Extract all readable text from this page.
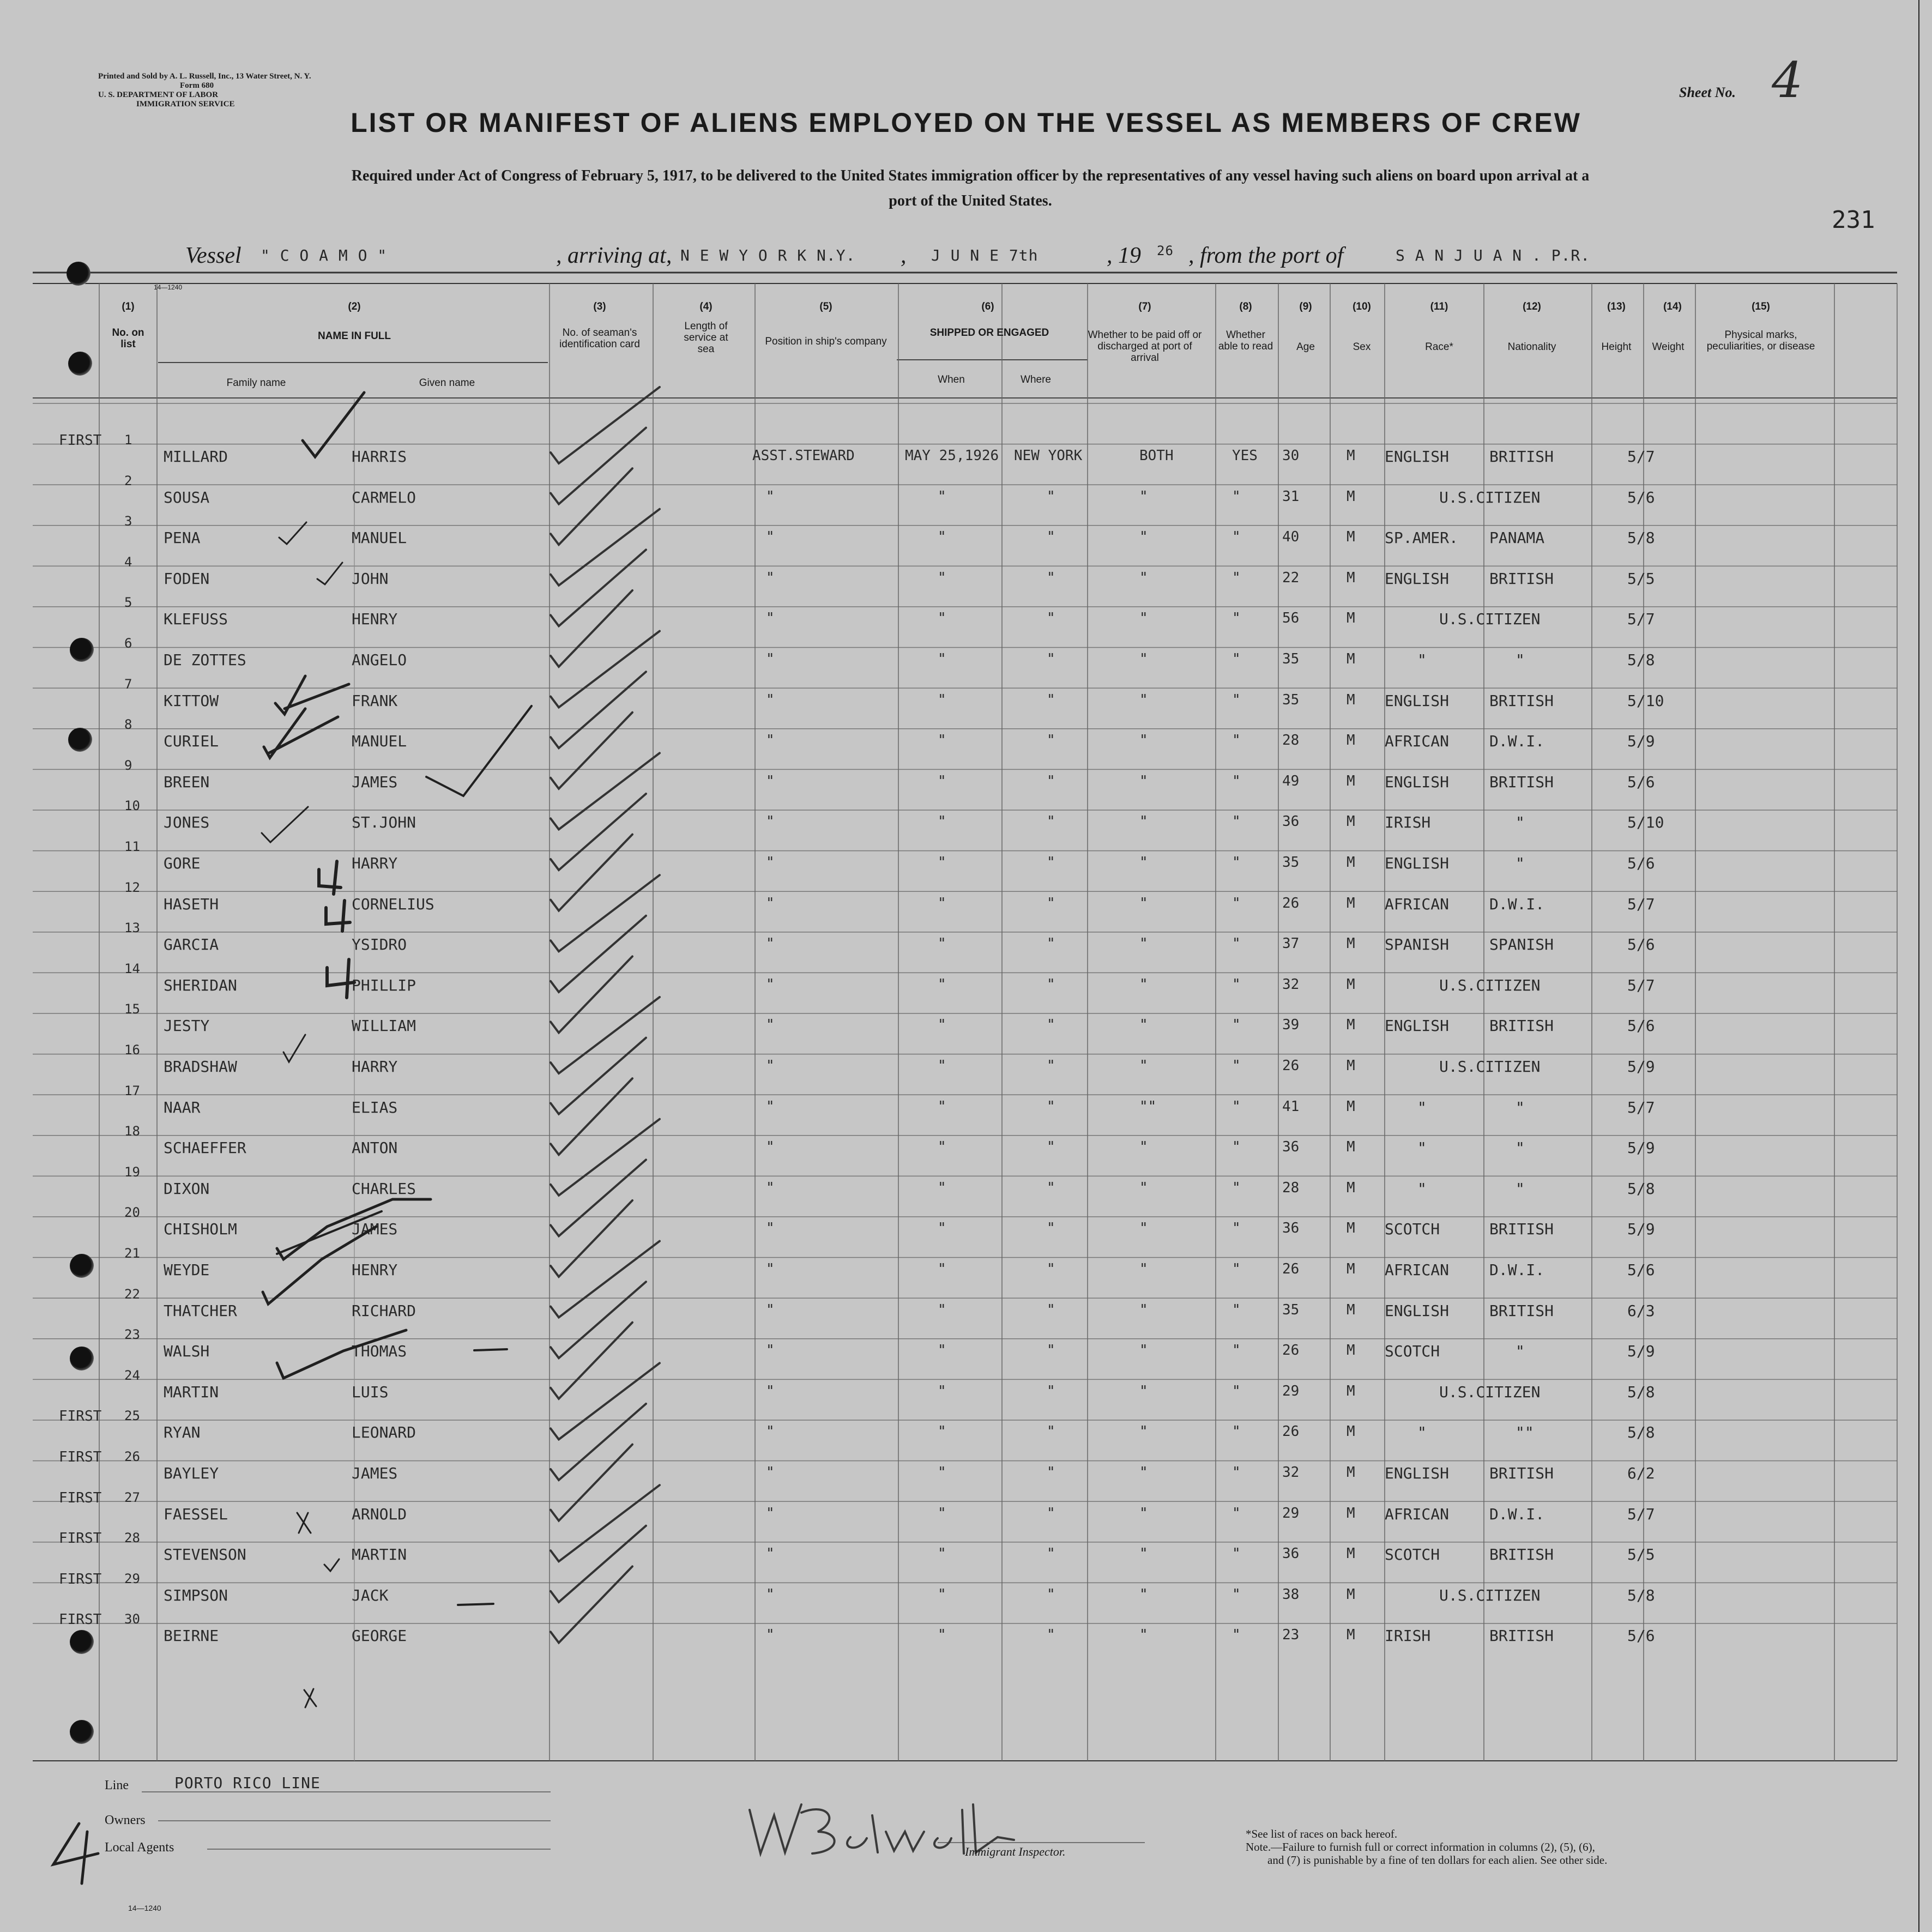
Printed and Sold by A. L. Russell, Inc., 13 Water Street, N. Y.
Form 680
U. S. DEPARTMENT OF LABOR
IMMIGRATION SERVICE
Sheet No. 4
LIST OR MANIFEST OF ALIENS EMPLOYED ON THE VESSEL AS MEMBERS OF CREW
Required under Act of Congress of February 5, 1917, to be delivered to the United States immigration officer by the representatives of any vessel having such aliens on board upon arrival at a
port of the United States.
231
Vessel " C O A M O "	, arriving at, N E W Y O R K N.Y. , J U N E 7th	, 19 26 , from the port of	S A N J U A N . P.R.
14—1240
(1)
No. on list
(2)
NAME IN FULL
Family name	Given name
(3)
No. of seaman's identification card
(4)
Length of service at sea
(5)
Position in ship's company
(6)
SHIPPED OR ENGAGED
When	Where
(7)
Whether to be paid off or discharged at port of arrival
(8)
Whether able to read
(9)
Age
(10)
Sex
(11)
Race*
(12)
Nationality
(13)
Height
(14)
Weight
(15)
Physical marks, peculiarities, or disease
FIRST 1
MILLARD	HARRIS	ASST.STEWARD	MAY 25,1926 NEW YORK	BOTH	YES 30	M ENGLISH	BRITISH	5/7
2
SOUSA	CARMELO	"	"	"	"	"	31	M	U.S.CITIZEN	5/6
3
PENA	MANUEL	"	"	"	"	"	40	M SP.AMER. PANAMA	5/8
4
FODEN	JOHN	"	"	"	"	"	22	M ENGLISH	BRITISH	5/5
5
KLEFUSS	HENRY	"	"	"	"	"	56	M	U.S.CITIZEN	5/7
6
DE ZOTTES	ANGELO	"	"	"	"	"	35	M	"	"	5/8
7
KITTOW	FRANK	"	"	"	"	"	35	M ENGLISH	BRITISH	5/10
8
CURIEL	MANUEL	"	"	"	"	"	28	M AFRICAN	D.W.I.	5/9
9
BREEN	JAMES	"	"	"	"	"	49	M ENGLISH	BRITISH	5/6
10
JONES	ST.JOHN	"	"	"	"	"	36	M IRISH	"	5/10
11
GORE	HARRY	"	"	"	"	"	35	M ENGLISH	"	5/6
12
HASETH	CORNELIUS	"	"	"	"	"	26	M AFRICAN	D.W.I.	5/7
13
GARCIA	YSIDRO	"	"	"	"	"	37	M SPANISH	SPANISH	5/6
14
SHERIDAN	PHILLIP	"	"	"	"	"	32	M	U.S.CITIZEN	5/7
15
JESTY	WILLIAM	"	"	"	"	"	39	M ENGLISH	BRITISH	5/6
16
BRADSHAW	HARRY	"	"	"	"	"	26	M	U.S.CITIZEN	5/9
17
NAAR	ELIAS	"	"	"	""	"	41	M	"	"	5/7
18
SCHAEFFER	ANTON	"	"	"	"	"	36	M	"	"	5/9
19
DIXON	CHARLES	"	"	"	"	"	28	M	"	"	5/8
20
CHISHOLM	JAMES	"	"	"	"	"	36	M SCOTCH	BRITISH	5/9
21
WEYDE	HENRY	"	"	"	"	"	26	M AFRICAN	D.W.I.	5/6
22
THATCHER	RICHARD	"	"	"	"	"	35	M ENGLISH	BRITISH	6/3
23
WALSH	THOMAS	"	"	"	"	"	26	M SCOTCH	"	5/9
24
MARTIN	LUIS	"	"	"	"	"	29	M	U.S.CITIZEN	5/8
FIRST 25
RYAN	LEONARD	"	"	"	"	"	26	M	"	""	5/8
FIRST 26
BAYLEY	JAMES	"	"	"	"	"	32	M ENGLISH	BRITISH	6/2
FIRST 27
FAESSEL	ARNOLD	"	"	"	"	"	29	M AFRICAN	D.W.I.	5/7
FIRST 28
STEVENSON	MARTIN	"	"	"	"	"	36	M SCOTCH	BRITISH	5/5
FIRST 29
SIMPSON	JACK	"	"	"	"	"	38	M	U.S.CITIZEN	5/8
FIRST 30
BEIRNE	GEORGE	"	"	"	"	"	23	M IRISH	BRITISH	5/6
Line	PORTO RICO LINE
Owners
Local Agents
14—1240
Immigrant Inspector.
*See list of races on back hereof.
Note.—Failure to furnish full or correct information in columns (2), (5), (6),
and (7) is punishable by a fine of ten dollars for each alien. See other side.
